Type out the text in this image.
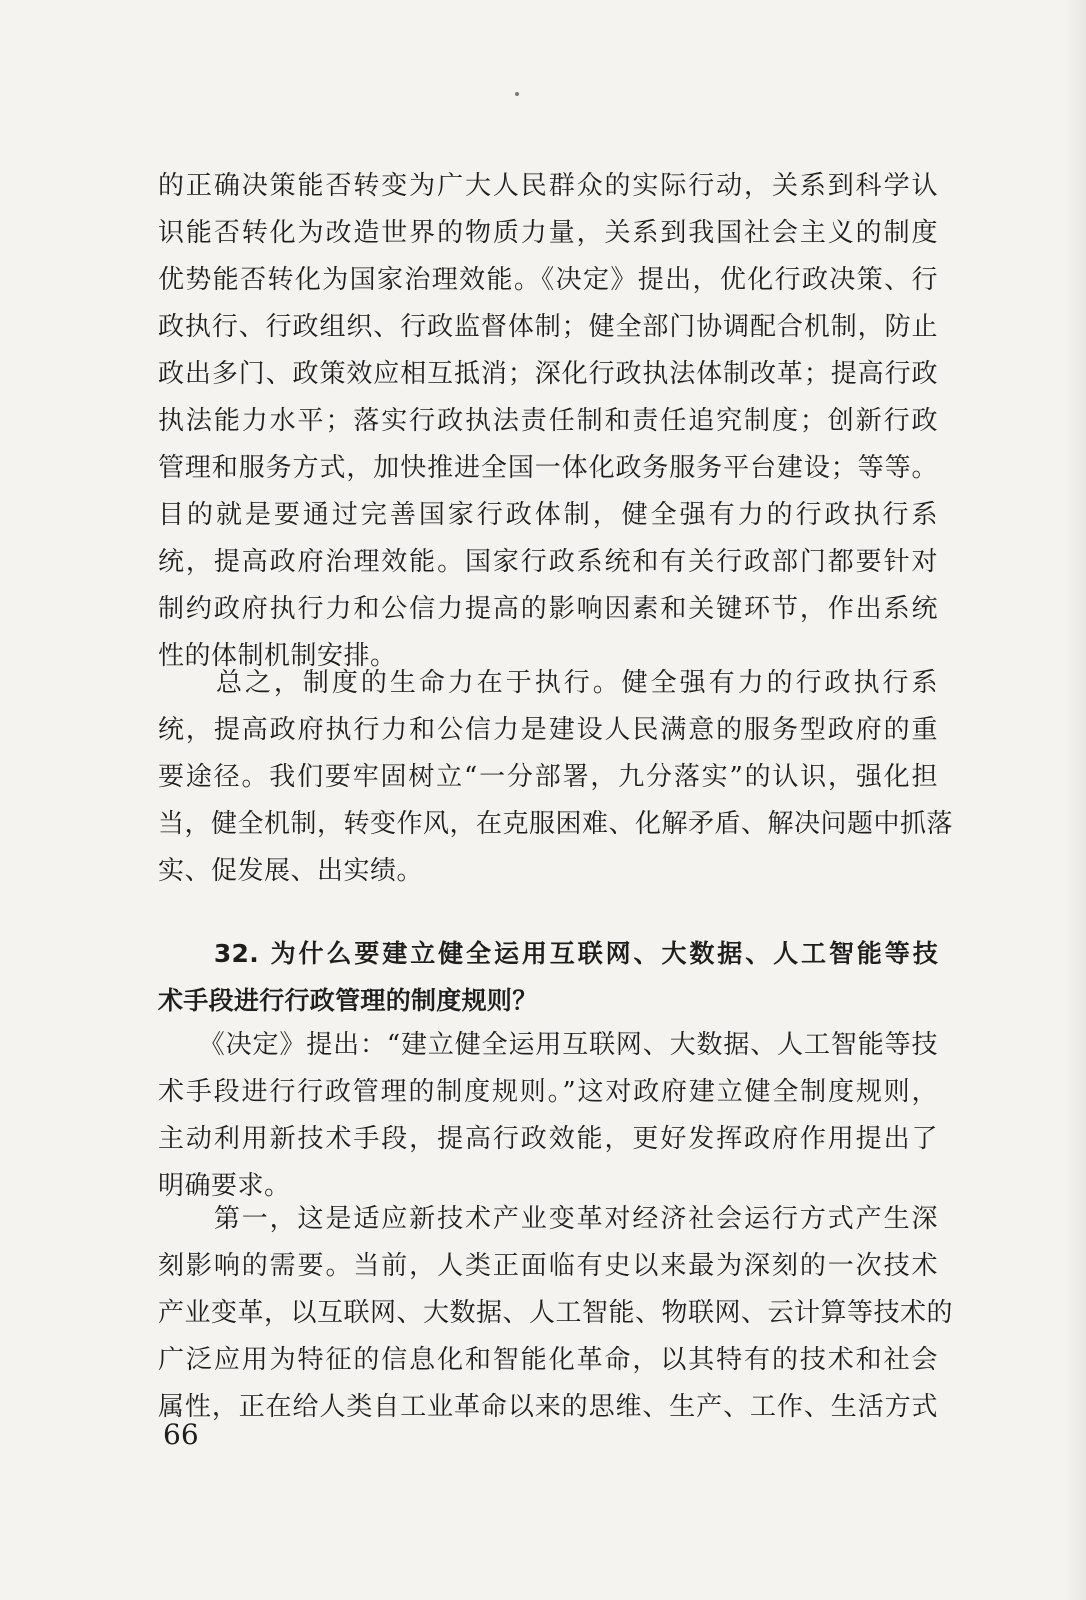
的正确决策能否转变为广大人民群众的实际行动，关系到科学认
识能否转化为改造世界的物质力量，关系到我国社会主义的制度
优势能否转化为国家治理效能。《决定》提出，优化行政决策、行
政执行、行政组织、行政监督体制；健全部门协调配合机制，防止
政出多门、政策效应相互抵消；深化行政执法体制改革；提高行政
执法能力水平；落实行政执法责任制和责任追究制度；创新行政
管理和服务方式，加快推进全国一体化政务服务平台建设；等等。
目的就是要通过完善国家行政体制，健全强有力的行政执行系
统，提高政府治理效能。国家行政系统和有关行政部门都要针对
制约政府执行力和公信力提高的影响因素和关键环节，作出系统
性的体制机制安排。
　　总之，制度的生命力在于执行。健全强有力的行政执行系
统，提高政府执行力和公信力是建设人民满意的服务型政府的重
要途径。我们要牢固树立“一分部署，九分落实”的认识，强化担
当，健全机制，转变作风，在克服困难、化解矛盾、解决问题中抓落
实、促发展、出实绩。
　　32. 为什么要建立健全运用互联网、大数据、人工智能等技
术手段进行行政管理的制度规则？
　　《决定》提出：“建立健全运用互联网、大数据、人工智能等技
术手段进行行政管理的制度规则。”这对政府建立健全制度规则，
主动利用新技术手段，提高行政效能，更好发挥政府作用提出了
明确要求。
　　第一，这是适应新技术产业变革对经济社会运行方式产生深
刻影响的需要。当前，人类正面临有史以来最为深刻的一次技术
产业变革，以互联网、大数据、人工智能、物联网、云计算等技术的
广泛应用为特征的信息化和智能化革命，以其特有的技术和社会
属性，正在给人类自工业革命以来的思维、生产、工作、生活方式
66
